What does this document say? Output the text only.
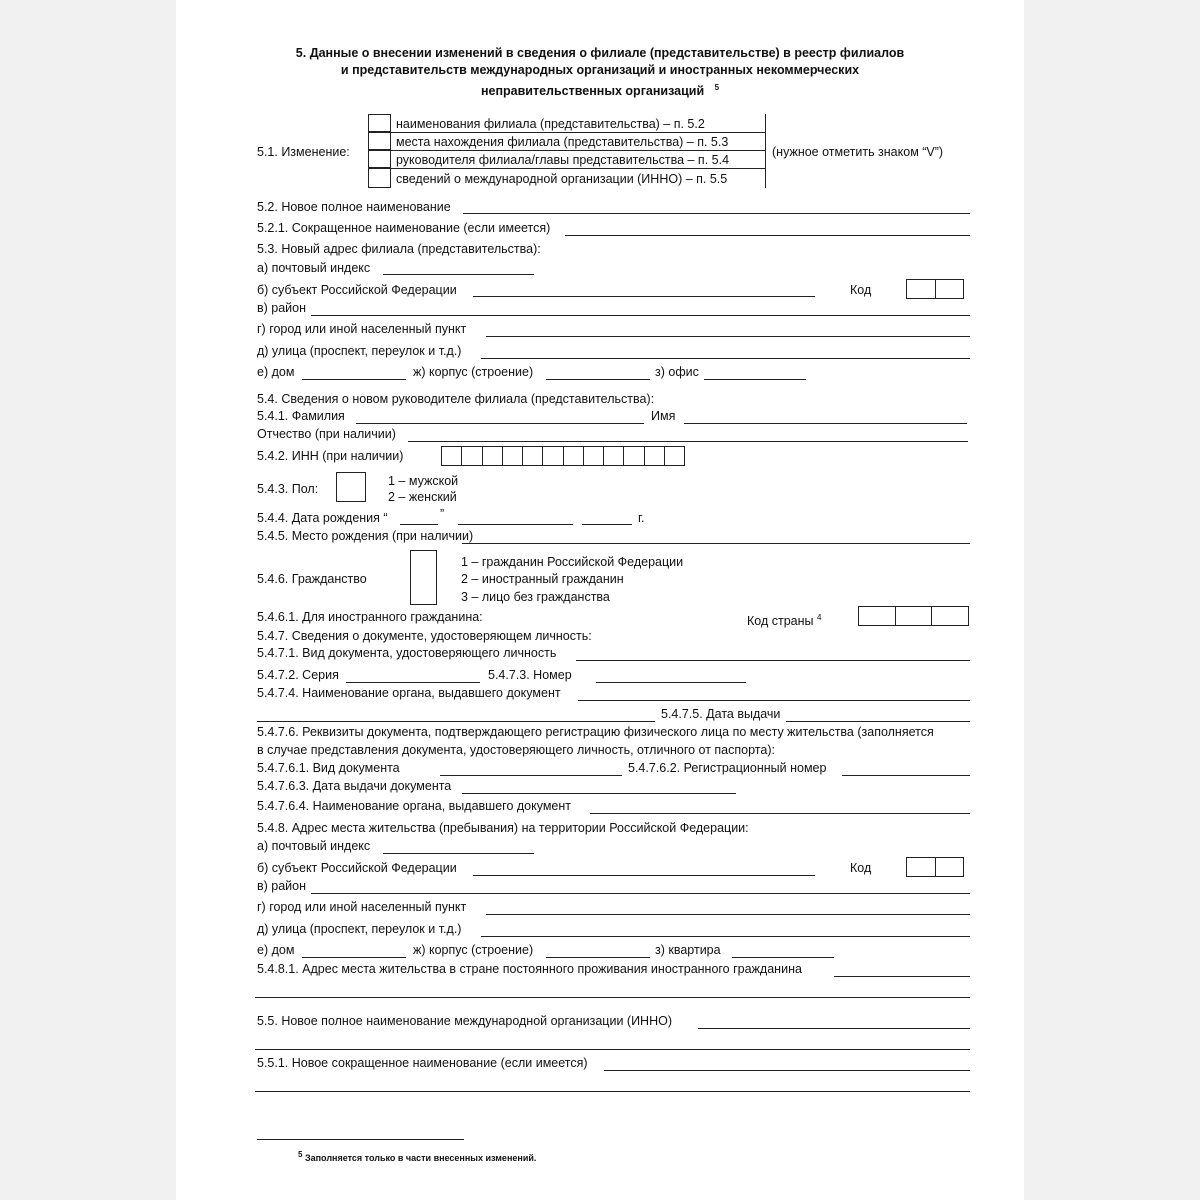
5. Данные о внесении изменений в сведения о филиале (представительстве) в реестр филиалов
и представительств международных организаций и иностранных некоммерческих
неправительственных организаций $^5$
5.1. Изменение:
наименования филиала (представительства) – п. 5.2
места нахождения филиала (представительства) – п. 5.3
руководителя филиала/главы представительства – п. 5.4
сведений о международной организации (ИННО) – п. 5.5
(нужное отметить знаком “V”)
5.2. Новое полное наименование
5.2.1. Сокращенное наименование (если имеется)
5.3. Новый адрес филиала (представительства):
а) почтовый индекс
б) субъект Российской Федерации	Код
в) район
г) город или иной населенный пункт
д) улица (проспект, переулок и т.д.)
е) дом	ж) корпус (строение)	з) офис
5.4. Сведения о новом руководителе филиала (представительства):
5.4.1. Фамилия	Имя
Отчество (при наличии)
5.4.2. ИНН (при наличии)
5.4.3. Пол:
1 – мужской
2 – женский
5.4.4. Дата рождения “	”	г.
5.4.5. Место рождения (при наличии)
5.4.6. Гражданство
1 – гражданин Российской Федерации
2 – иностранный гражданин
3 – лицо без гражданства
5.4.6.1. Для иностранного гражданина:	Код страны $^4$
5.4.7. Сведения о документе, удостоверяющем личность:
5.4.7.1. Вид документа, удостоверяющего личность
5.4.7.2. Серия	5.4.7.3. Номер
5.4.7.4. Наименование органа, выдавшего документ
5.4.7.5. Дата выдачи
5.4.7.6. Реквизиты документа, подтверждающего регистрацию физического лица по месту жительства (заполняется
в случае представления документа, удостоверяющего личность, отличного от паспорта):
5.4.7.6.1. Вид документа	5.4.7.6.2. Регистрационный номер
5.4.7.6.3. Дата выдачи документа
5.4.7.6.4. Наименование органа, выдавшего документ
5.4.8. Адрес места жительства (пребывания) на территории Российской Федерации:
а) почтовый индекс
б) субъект Российской Федерации	Код
в) район
г) город или иной населенный пункт
д) улица (проспект, переулок и т.д.)
е) дом	ж) корпус (строение)	з) квартира
5.4.8.1. Адрес места жительства в стране постоянного проживания иностранного гражданина
5.5. Новое полное наименование международной организации (ИННО)
5.5.1. Новое сокращенное наименование (если имеется)
5 Заполняется только в части внесенных изменений.
